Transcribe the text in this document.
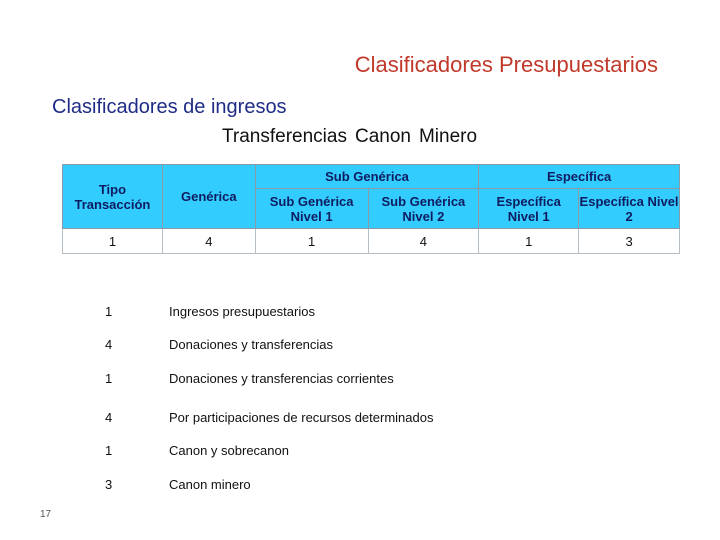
Clasificadores Presupuestarios
Clasificadores de ingresos
Transferencias Canon Minero
Tipo Transacción	Genérica	Sub Genérica		Específica	
		Sub Genérica Nivel 1	Sub Genérica Nivel 2	Específica Nivel 1	Específica Nivel 2
1	4	1	4	1	3
1	Ingresos presupuestarios
4	Donaciones y transferencias
1	Donaciones y transferencias corrientes
4	Por participaciones de recursos determinados
1	Canon y sobrecanon
3	Canon minero
17
